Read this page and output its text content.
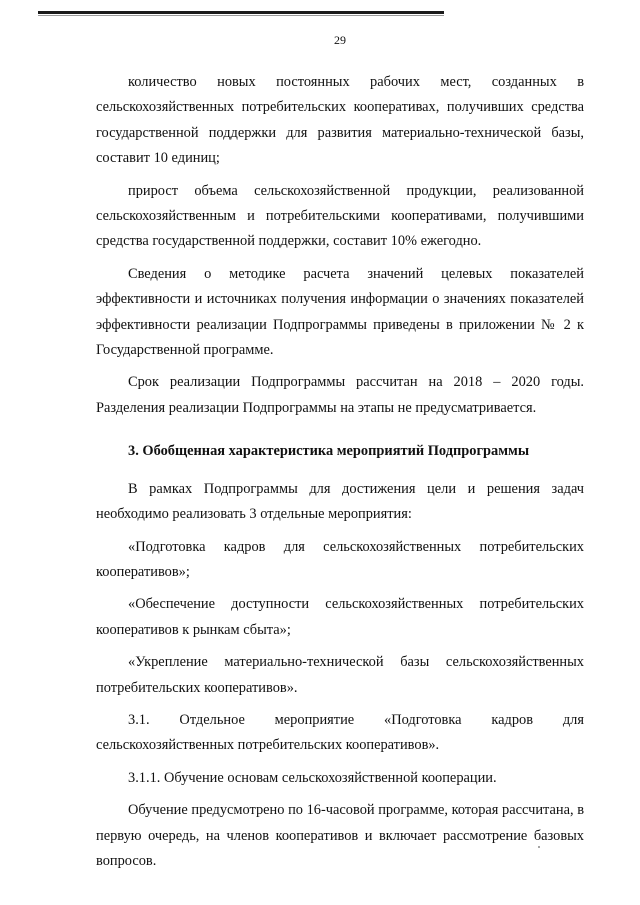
29

количество новых постоянных рабочих мест, созданных в сельскохозяйственных потребительских кооперативах, получивших средства государственной поддержки для развития материально-технической базы, составит 10 единиц;

прирост объема сельскохозяйственной продукции, реализованной сельскохозяйственным и потребительскими кооперативами, получившими средства государственной поддержки, составит 10% ежегодно.

Сведения о методике расчета значений целевых показателей эффективности и источниках получения информации о значениях показателей эффективности реализации Подпрограммы приведены в приложении № 2 к Государственной программе.

Срок реализации Подпрограммы рассчитан на 2018 – 2020 годы. Разделения реализации Подпрограммы на этапы не предусматривается.

3. Обобщенная характеристика мероприятий Подпрограммы

В рамках Подпрограммы для достижения цели и решения задач необходимо реализовать 3 отдельные мероприятия:

«Подготовка кадров для сельскохозяйственных потребительских кооперативов»;

«Обеспечение доступности сельскохозяйственных потребительских кооперативов к рынкам сбыта»;

«Укрепление материально-технической базы сельскохозяйственных потребительских кооперативов».

3.1. Отдельное мероприятие «Подготовка кадров для сельскохозяйственных потребительских кооперативов».

3.1.1. Обучение основам сельскохозяйственной кооперации.

Обучение предусмотрено по 16-часовой программе, которая рассчитана, в первую очередь, на членов кооперативов и включает рассмотрение базовых вопросов.
